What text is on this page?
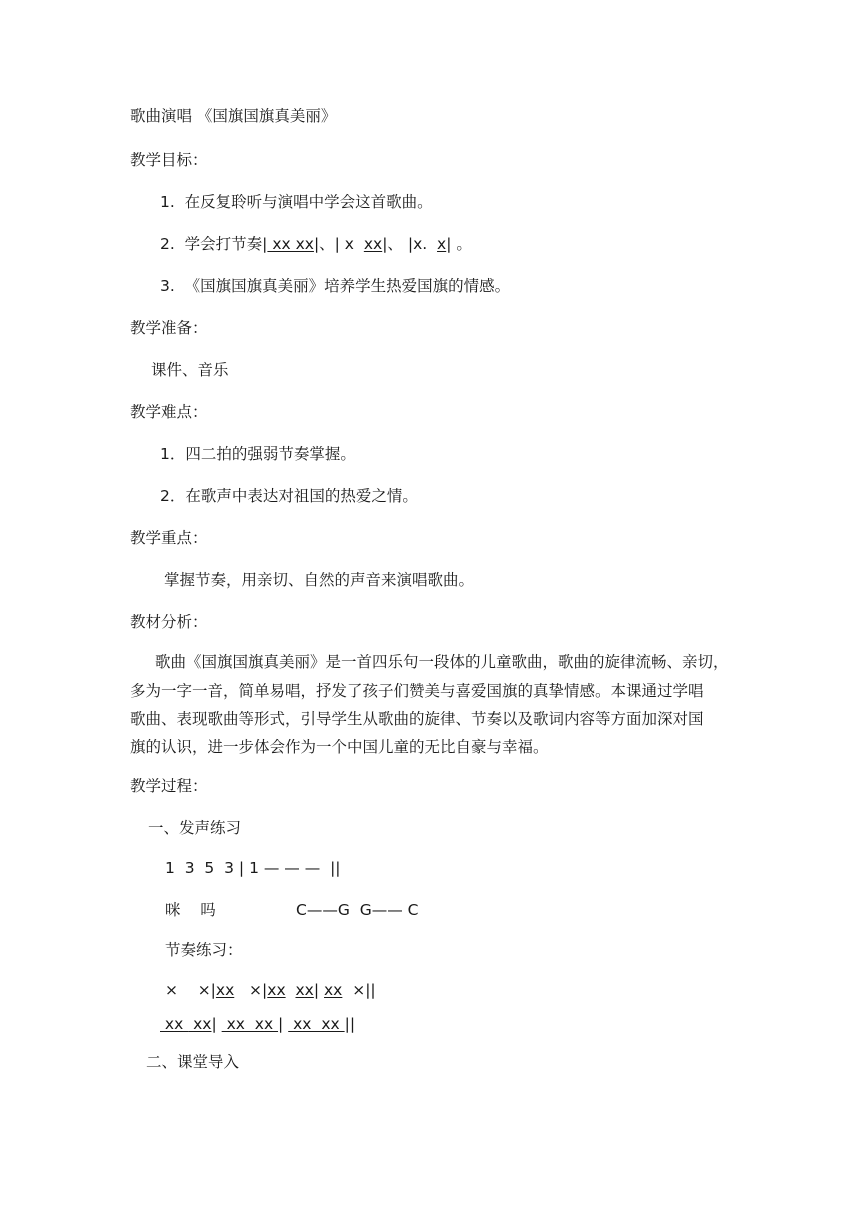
歌曲演唱 《国旗国旗真美丽》
教学目标：
1. 在反复聆听与演唱中学会这首歌曲。
2. 学会打节奏| xx xx|、| x  xx|、 |x.  x| 。
3. 《国旗国旗真美丽》培养学生热爱国旗的情感。
教学准备：
课件、音乐
教学难点：
1．四二拍的强弱节奏掌握。
2．在歌声中表达对祖国的热爱之情。
教学重点：
掌握节奏，用亲切、自然的声音来演唱歌曲。
教材分析：
歌曲《国旗国旗真美丽》是一首四乐句一段体的儿童歌曲，歌曲的旋律流畅、亲切，
多为一字一音，简单易唱，抒发了孩子们赞美与喜爱国旗的真挚情感。本课通过学唱
歌曲、表现歌曲等形式，引导学生从歌曲的旋律、节奏以及歌词内容等方面加深对国
旗的认识，进一步体会作为一个中国儿童的无比自豪与幸福。
教学过程：
一、发声练习
1  3  5  3 | 1 — — —  ||
咪    吗	C——G  G—— C
节奏练习：
×    ×|xx   ×|xx xx| xx  ×||
xx  xx|  xx  xx |  xx  xx ||
二、课堂导入
